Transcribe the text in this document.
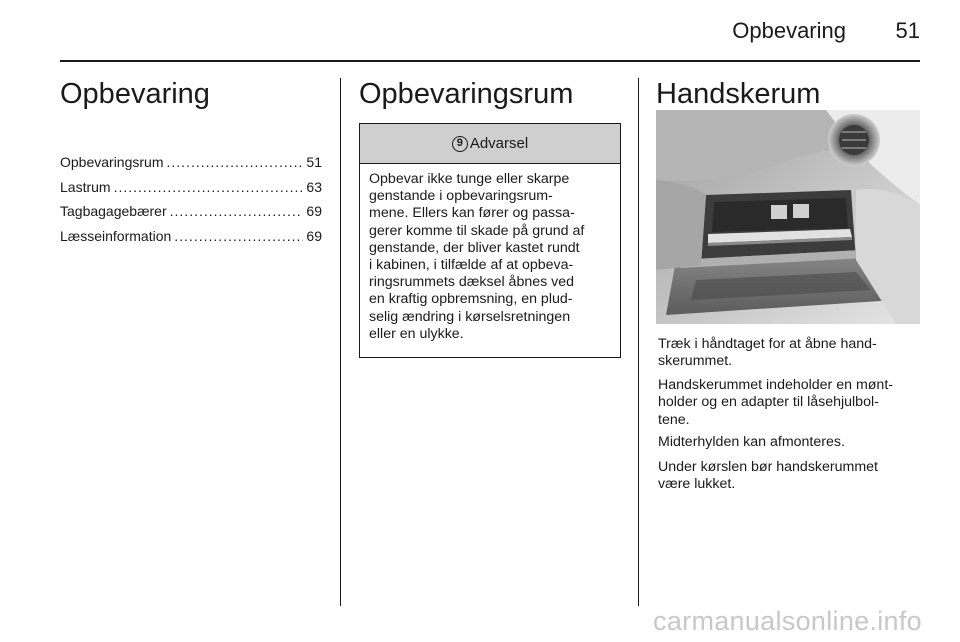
Opbevaring	51
Opbevaring
Opbevaringsrum .....	51
Lastrum .....	63
Tagbagagebærer .....	69
Læsseinformation .....	69
Opbevaringsrum
9 Advarsel
Opbevar ikke tunge eller skarpe
genstande i opbevaringsrum-
mene. Ellers kan fører og passa-
gerer komme til skade på grund af
genstande, der bliver kastet rundt
i kabinen, i tilfælde af at opbeva-
ringsrummets dæksel åbnes ved
en kraftig opbremsning, en plud-
selig ændring i kørselsretningen
eller en ulykke.
Handskerum
Træk i håndtaget for at åbne hand-
skerummet.
Handskerummet indeholder en mønt-
holder og en adapter til låsehjulbol-
tene.
Midterhylden kan afmonteres.
Under kørslen bør handskerummet
være lukket.
carmanualsonline.info
